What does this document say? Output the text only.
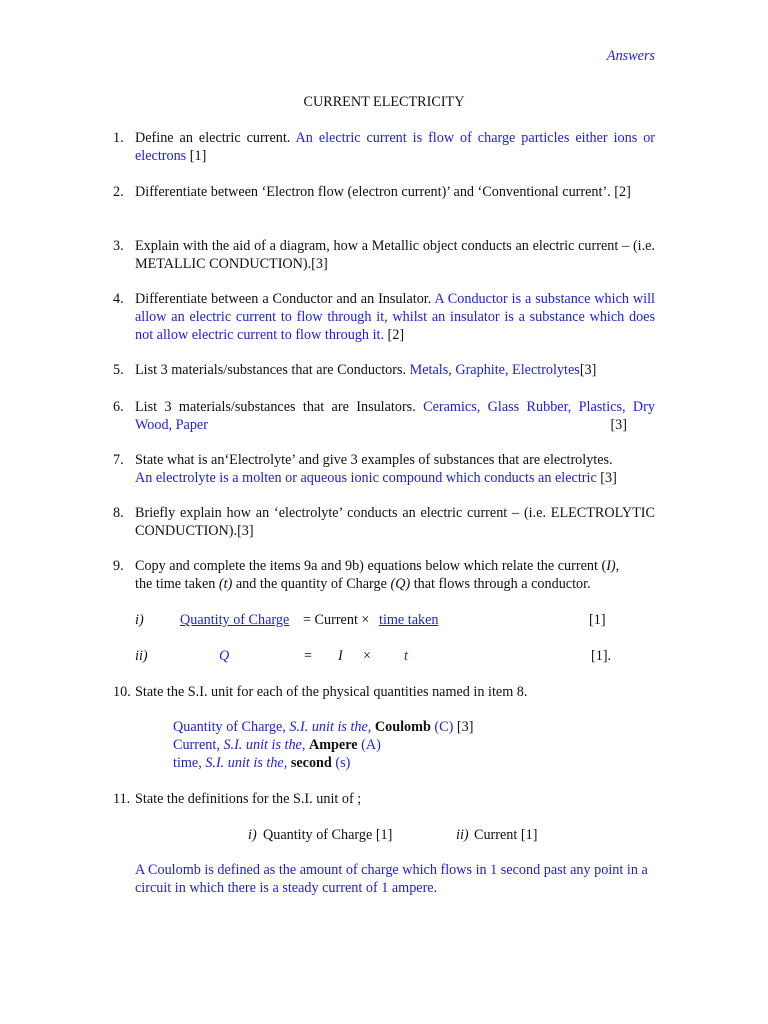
Answers
CURRENT ELECTRICITY
1. Define an electric current. An electric current is flow of charge particles either ions or electrons [1]
2. Differentiate between ‘Electron flow (electron current)’ and ‘Conventional current’. [2]
3. Explain with the aid of a diagram, how a Metallic object conducts an electric current – (i.e. METALLIC CONDUCTION).[3]
4. Differentiate between a Conductor and an Insulator. A Conductor is a substance which will allow an electric current to flow through it, whilst an insulator is a substance which does not allow electric current to flow through it. [2]
5. List 3 materials/substances that are Conductors. Metals, Graphite, Electrolytes[3]
6. List 3 materials/substances that are Insulators. Ceramics, Glass Rubber, Plastics, Dry Wood, Paper	[3]
7. State what is an‘Electrolyte’ and give 3 examples of substances that are electrolytes.
An electrolyte is a molten or aqueous ionic compound which conducts an electric [3]
8. Briefly explain how an ‘electrolyte’ conducts an electric current – (i.e. ELECTROLYTIC CONDUCTION).[3]
9. Copy and complete the items 9a and 9b) equations below which relate the current (I),
the time taken (t) and the quantity of Charge (Q) that flows through a conductor.
i)	Quantity of Charge = Current × time taken	[1]
ii)	Q	= I × t	[1].
10. State the S.I. unit for each of the physical quantities named in item 8.
Quantity of Charge, S.I. unit is the, Coulomb (C) [3]
Current, S.I. unit is the, Ampere (A)
time, S.I. unit is the, second (s)
11. State the definitions for the S.I. unit of ;
i) Quantity of Charge [1]	ii) Current [1]
A Coulomb is defined as the amount of charge which flows in 1 second past any point in a circuit in which there is a steady current of 1 ampere.
